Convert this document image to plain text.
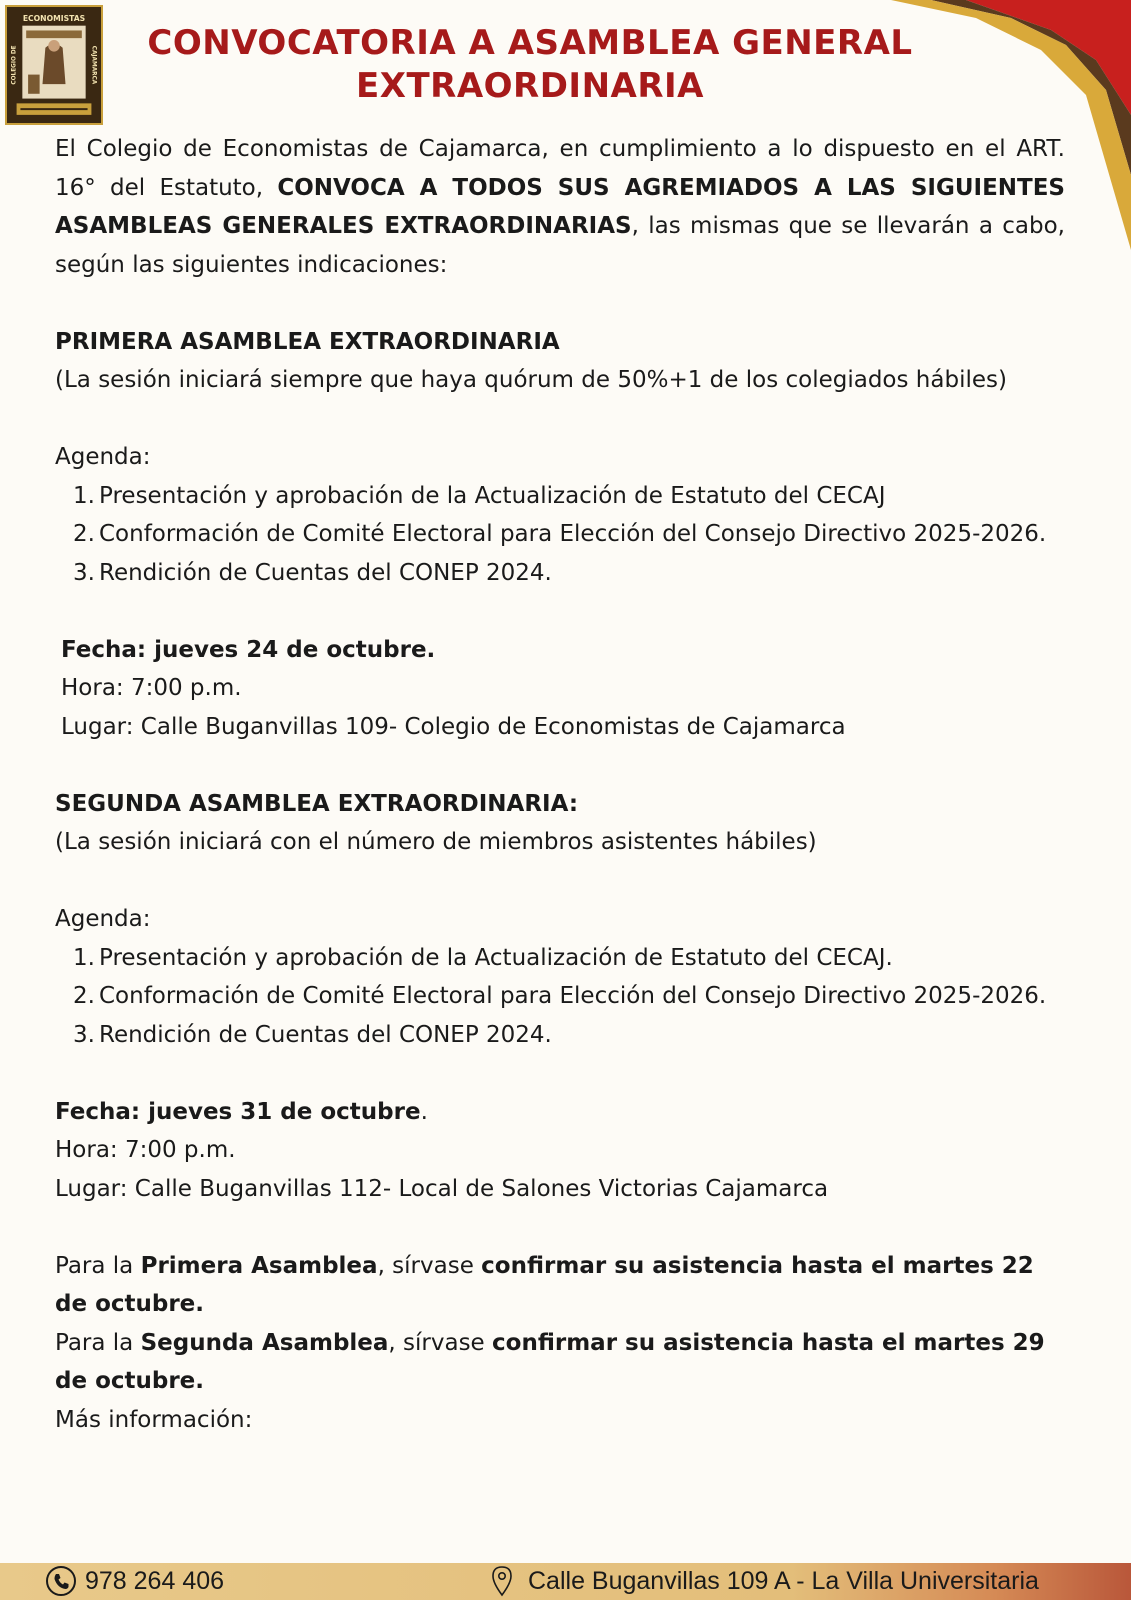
ECONOMISTAS
COLEGIO DE	CAJAMARCA
CONVOCATORIA A ASAMBLEA GENERAL
EXTRAORDINARIA

El Colegio de Economistas de Cajamarca, en cumplimiento a lo dispuesto en el ART. 16° del Estatuto, CONVOCA A TODOS SUS AGREMIADOS A LAS SIGUIENTES ASAMBLEAS GENERALES EXTRAORDINARIAS, las mismas que se llevarán a cabo, según las siguientes indicaciones:

PRIMERA ASAMBLEA EXTRAORDINARIA

(La sesión iniciará siempre que haya quórum de 50%+1 de los colegiados hábiles)

Agenda:

1. Presentación y aprobación de la Actualización de Estatuto del CECAJ
2. Conformación de Comité Electoral para Elección del Consejo Directivo 2025-2026.
3. Rendición de Cuentas del CONEP 2024.

Fecha: jueves 24 de octubre.

Hora: 7:00 p.m.

Lugar: Calle Buganvillas 109- Colegio de Economistas de Cajamarca

SEGUNDA ASAMBLEA EXTRAORDINARIA:

(La sesión iniciará con el número de miembros asistentes hábiles)

Agenda:

1. Presentación y aprobación de la Actualización de Estatuto del CECAJ.
2. Conformación de Comité Electoral para Elección del Consejo Directivo 2025-2026.
3. Rendición de Cuentas del CONEP 2024.

Fecha: jueves 31 de octubre.

Hora: 7:00 p.m.

Lugar: Calle Buganvillas 112- Local de Salones Victorias Cajamarca

Para la Primera Asamblea, sírvase confirmar su asistencia hasta el martes 22 de octubre.

Para la Segunda Asamblea, sírvase confirmar su asistencia hasta el martes 29 de octubre.

Más información:

978 264 406	Calle Buganvillas 109 A - La Villa Universitaria
